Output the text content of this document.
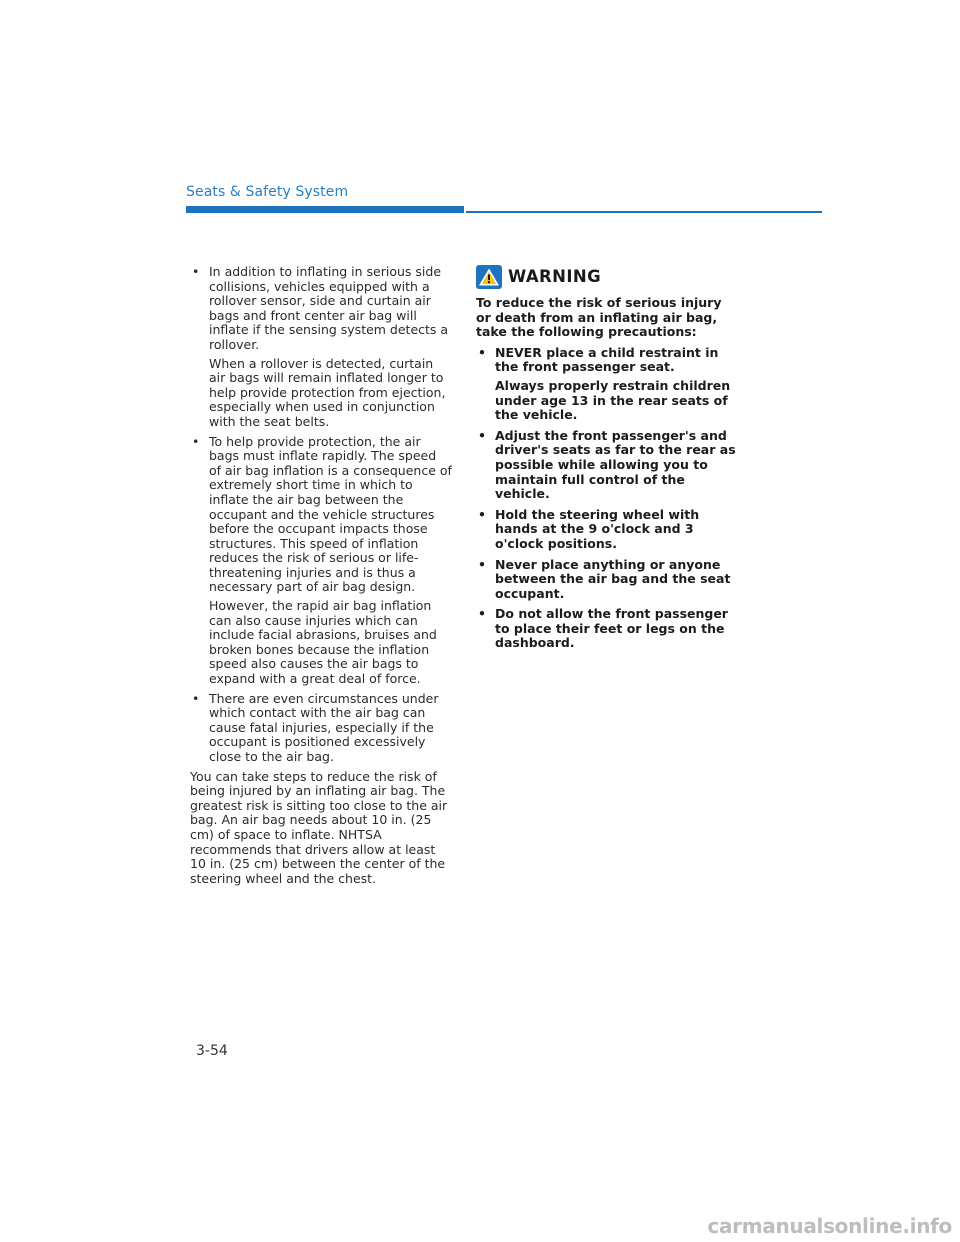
Seats & Safety System

• In addition to inflating in serious side collisions, vehicles equipped with a rollover sensor, side and curtain air bags and front center air bag will inflate if the sensing system detects a rollover.

When a rollover is detected, curtain air bags will remain inflated longer to help provide protection from ejection, especially when used in conjunction with the seat belts.

• To help provide protection, the air bags must inflate rapidly. The speed of air bag inflation is a consequence of extremely short time in which to inflate the air bag between the occupant and the vehicle structures before the occupant impacts those structures. This speed of inflation reduces the risk of serious or life-threatening injuries and is thus a necessary part of air bag design.

However, the rapid air bag inflation can also cause injuries which can include facial abrasions, bruises and broken bones because the inflation speed also causes the air bags to expand with a great deal of force.

• There are even circumstances under which contact with the air bag can cause fatal injuries, especially if the occupant is positioned excessively close to the air bag.

You can take steps to reduce the risk of being injured by an inflating air bag. The greatest risk is sitting too close to the air bag. An air bag needs about 10 in. (25 cm) of space to inflate. NHTSA recommends that drivers allow at least 10 in. (25 cm) between the center of the steering wheel and the chest.

WARNING

To reduce the risk of serious injury or death from an inflating air bag, take the following precautions:

• NEVER place a child restraint in the front passenger seat.

Always properly restrain children under age 13 in the rear seats of the vehicle.

• Adjust the front passenger's and driver's seats as far to the rear as possible while allowing you to maintain full control of the vehicle.

• Hold the steering wheel with hands at the 9 o'clock and 3 o'clock positions.

• Never place anything or anyone between the air bag and the seat occupant.

• Do not allow the front passenger to place their feet or legs on the dashboard.

3-54
carmanualsonline.info
